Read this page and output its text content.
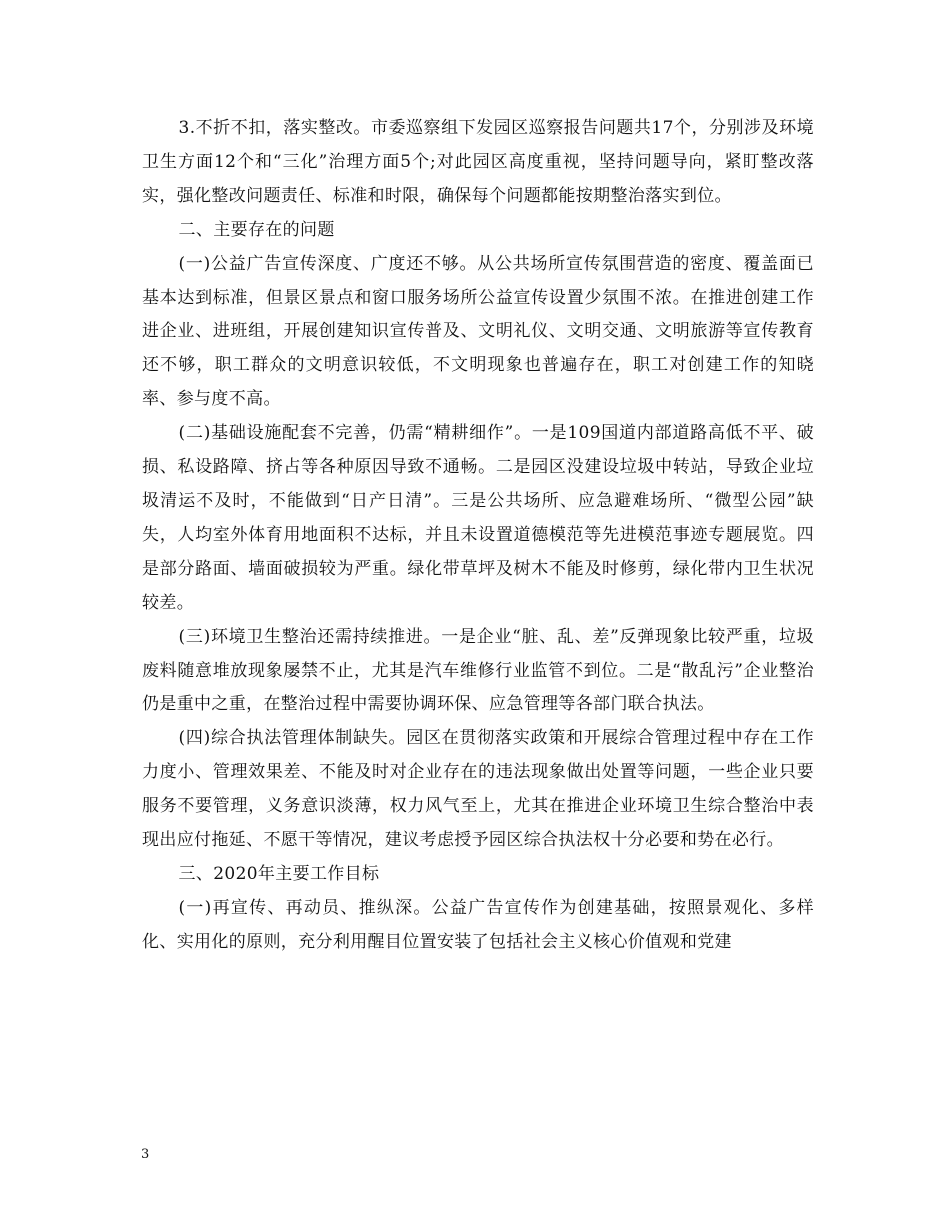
3.不折不扣，落实整改。市委巡察组下发园区巡察报告问题共17个，分别涉及环境卫生方面12个和“三化”治理方面5个;对此园区高度重视，坚持问题导向，紧盯整改落实，强化整改问题责任、标准和时限，确保每个问题都能按期整治落实到位。

二、主要存在的问题

(一)公益广告宣传深度、广度还不够。从公共场所宣传氛围营造的密度、覆盖面已基本达到标准，但景区景点和窗口服务场所公益宣传设置少氛围不浓。在推进创建工作进企业、进班组，开展创建知识宣传普及、文明礼仪、文明交通、文明旅游等宣传教育还不够，职工群众的文明意识较低，不文明现象也普遍存在，职工对创建工作的知晓率、参与度不高。

(二)基础设施配套不完善，仍需“精耕细作”。一是109国道内部道路高低不平、破损、私设路障、挤占等各种原因导致不通畅。二是园区没建设垃圾中转站，导致企业垃圾清运不及时，不能做到“日产日清”。三是公共场所、应急避难场所、“微型公园”缺失，人均室外体育用地面积不达标，并且未设置道德模范等先进模范事迹专题展览。四是部分路面、墙面破损较为严重。绿化带草坪及树木不能及时修剪，绿化带内卫生状况较差。

(三)环境卫生整治还需持续推进。一是企业“脏、乱、差”反弹现象比较严重，垃圾废料随意堆放现象屡禁不止，尤其是汽车维修行业监管不到位。二是“散乱污”企业整治仍是重中之重，在整治过程中需要协调环保、应急管理等各部门联合执法。

(四)综合执法管理体制缺失。园区在贯彻落实政策和开展综合管理过程中存在工作力度小、管理效果差、不能及时对企业存在的违法现象做出处置等问题，一些企业只要服务不要管理，义务意识淡薄，权力风气至上，尤其在推进企业环境卫生综合整治中表现出应付拖延、不愿干等情况，建议考虑授予园区综合执法权十分必要和势在必行。

三、2020年主要工作目标

(一)再宣传、再动员、推纵深。公益广告宣传作为创建基础，按照景观化、多样化、实用化的原则，充分利用醒目位置安装了包括社会主义核心价值观和党建

3
